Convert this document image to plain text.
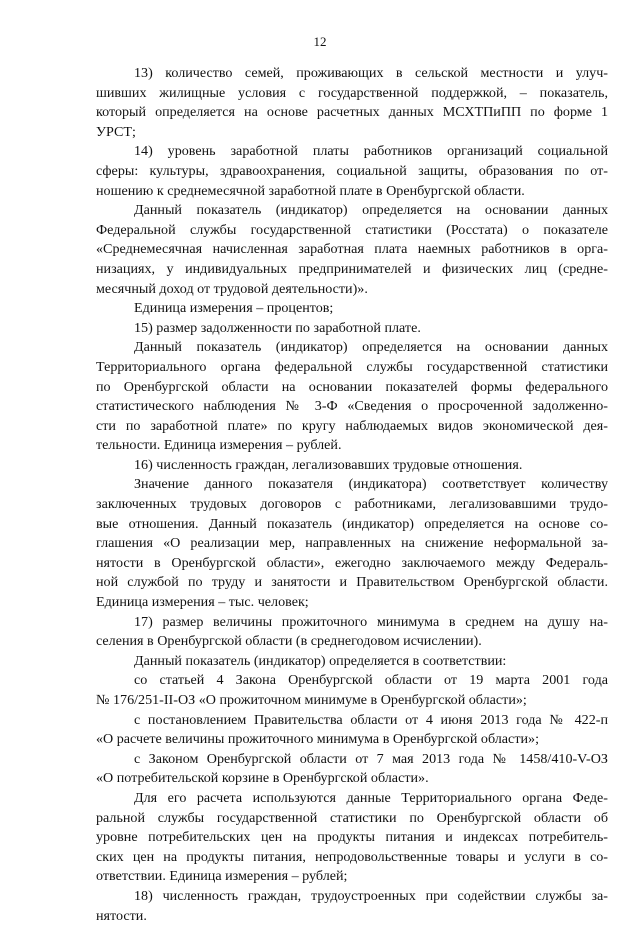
12
13) количество семей, проживающих в сельской местности и улуч-
шивших жилищные условия с государственной поддержкой, – показатель,
который определяется на основе расчетных данных МСХТПиПП по форме 1
УРСТ;
14) уровень заработной платы работников организаций социальной
сферы: культуры, здравоохранения, социальной защиты, образования по от-
ношению к среднемесячной заработной плате в Оренбургской области.
Данный показатель (индикатор) определяется на основании данных
Федеральной службы государственной статистики (Росстата) о показателе
«Среднемесячная начисленная заработная плата наемных работников в орга-
низациях, у индивидуальных предпринимателей и физических лиц (средне-
месячный доход от трудовой деятельности)».
Единица измерения – процентов;
15) размер задолженности по заработной плате.
Данный показатель (индикатор) определяется на основании данных
Территориального органа федеральной службы государственной статистики
по Оренбургской области на основании показателей формы федерального
статистического наблюдения № 3-Ф «Сведения о просроченной задолженно-
сти по заработной плате» по кругу наблюдаемых видов экономической дея-
тельности. Единица измерения – рублей.
16) численность граждан, легализовавших трудовые отношения.
Значение данного показателя (индикатора) соответствует количеству
заключенных трудовых договоров с работниками, легализовавшими трудо-
вые отношения. Данный показатель (индикатор) определяется на основе со-
глашения «О реализации мер, направленных на снижение неформальной за-
нятости в Оренбургской области», ежегодно заключаемого между Федераль-
ной службой по труду и занятости и Правительством Оренбургской области.
Единица измерения – тыс. человек;
17) размер величины прожиточного минимума в среднем на душу на-
селения в Оренбургской области (в среднегодовом исчислении).
Данный показатель (индикатор) определяется в соответствии:
со статьей 4 Закона Оренбургской области от 19 марта 2001 года
№ 176/251-II-ОЗ «О прожиточном минимуме в Оренбургской области»;
с постановлением Правительства области от 4 июня 2013 года № 422-п
«О расчете величины прожиточного минимума в Оренбургской области»;
с Законом Оренбургской области от 7 мая 2013 года № 1458/410-V-ОЗ
«О потребительской корзине в Оренбургской области».
Для его расчета используются данные Территориального органа Феде-
ральной службы государственной статистики по Оренбургской области об
уровне потребительских цен на продукты питания и индексах потребитель-
ских цен на продукты питания, непродовольственные товары и услуги в со-
ответствии. Единица измерения – рублей;
18) численность граждан, трудоустроенных при содействии службы за-
нятости.
